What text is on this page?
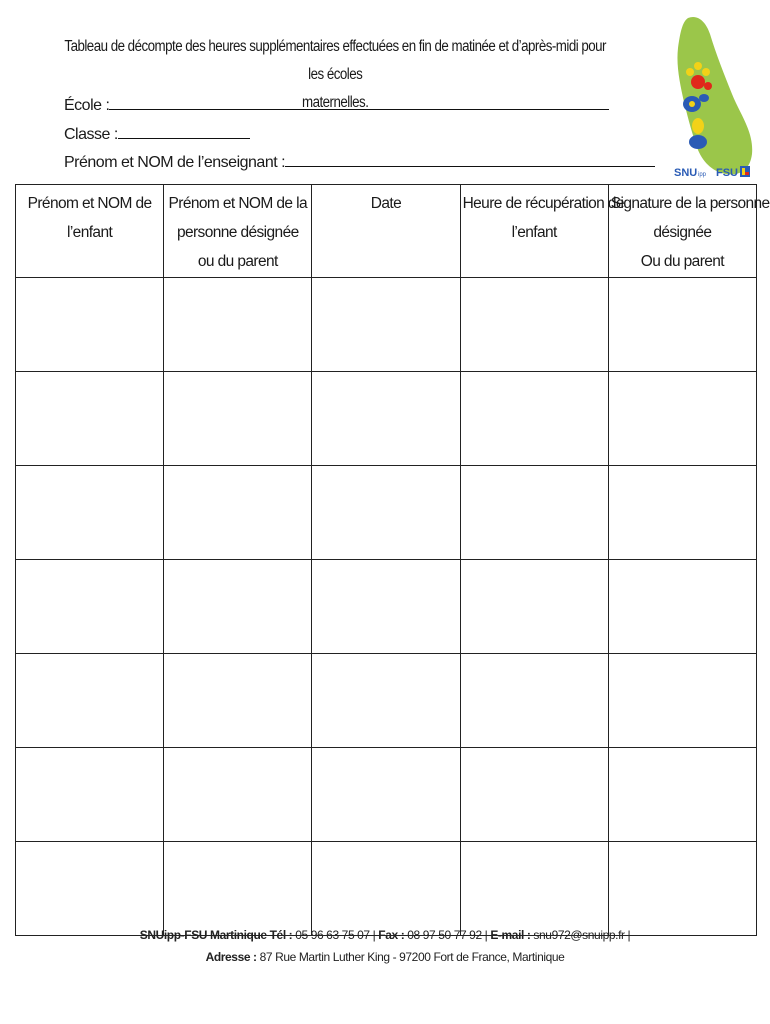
Tableau de décompte des heures supplémentaires effectuées en fin de matinée et d’après-midi pour les écoles
maternelles.
École :
Classe :
Prénom et NOM de l’enseignant :
SNU ipp FSU
Prénom et NOM de
l’enfant	Prénom et NOM de la
personne désignée
ou du parent	Date	Heure de récupération de
l’enfant	Signature de la personne
désignée
Ou du parent

SNUipp-FSU Martinique Tél : 05 96 63 75 07 | Fax : 08 97 50 77 92 | E-mail : snu972@snuipp.fr |
Adresse : 87 Rue Martin Luther King - 97200 Fort de France, Martinique
